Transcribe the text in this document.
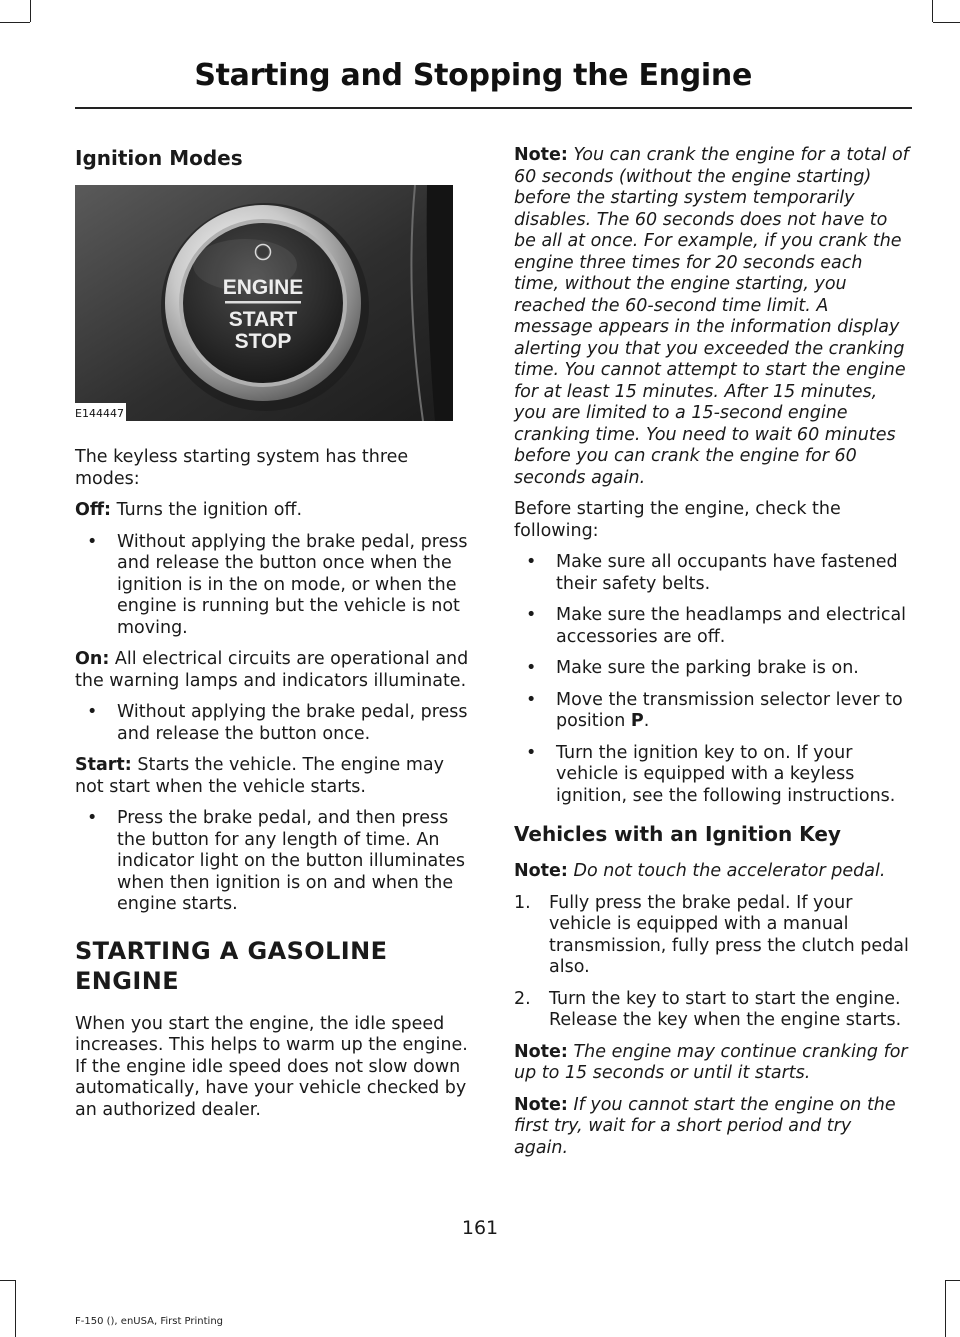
Starting and Stopping the Engine
Ignition Modes
ENGINE
START
STOP
E144447

The keyless starting system has three modes:

Off: Turns the ignition off.

• Without applying the brake pedal, press and release the button once when the ignition is in the on mode, or when the engine is running but the vehicle is not moving.

On: All electrical circuits are operational and the warning lamps and indicators illuminate.

• Without applying the brake pedal, press and release the button once.

Start: Starts the vehicle. The engine may not start when the vehicle starts.

• Press the brake pedal, and then press the button for any length of time. An indicator light on the button illuminates when then ignition is on and when the engine starts.
STARTING A GASOLINE
ENGINE

When you start the engine, the idle speed increases. This helps to warm up the engine. If the engine idle speed does not slow down automatically, have your vehicle checked by an authorized dealer.

Note: You can crank the engine for a total of 60 seconds (without the engine starting) before the starting system temporarily disables. The 60 seconds does not have to be all at once. For example, if you crank the engine three times for 20 seconds each time, without the engine starting, you reached the 60-second time limit. A message appears in the information display alerting you that you exceeded the cranking time. You cannot attempt to start the engine for at least 15 minutes. After 15 minutes, you are limited to a 15-second engine cranking time. You need to wait 60 minutes before you can crank the engine for 60 seconds again.

Before starting the engine, check the following:

• Make sure all occupants have fastened their safety belts.
• Make sure the headlamps and electrical accessories are off.
• Make sure the parking brake is on.
• Move the transmission selector lever to position P.
• Turn the ignition key to on. If your vehicle is equipped with a keyless ignition, see the following instructions.
Vehicles with an Ignition Key

Note: Do not touch the accelerator pedal.

1. Fully press the brake pedal. If your vehicle is equipped with a manual transmission, fully press the clutch pedal also.
2. Turn the key to start to start the engine. Release the key when the engine starts.

Note: The engine may continue cranking for up to 15 seconds or until it starts.

Note: If you cannot start the engine on the first try, wait for a short period and try again.

161
F-150 (), enUSA, First Printing
